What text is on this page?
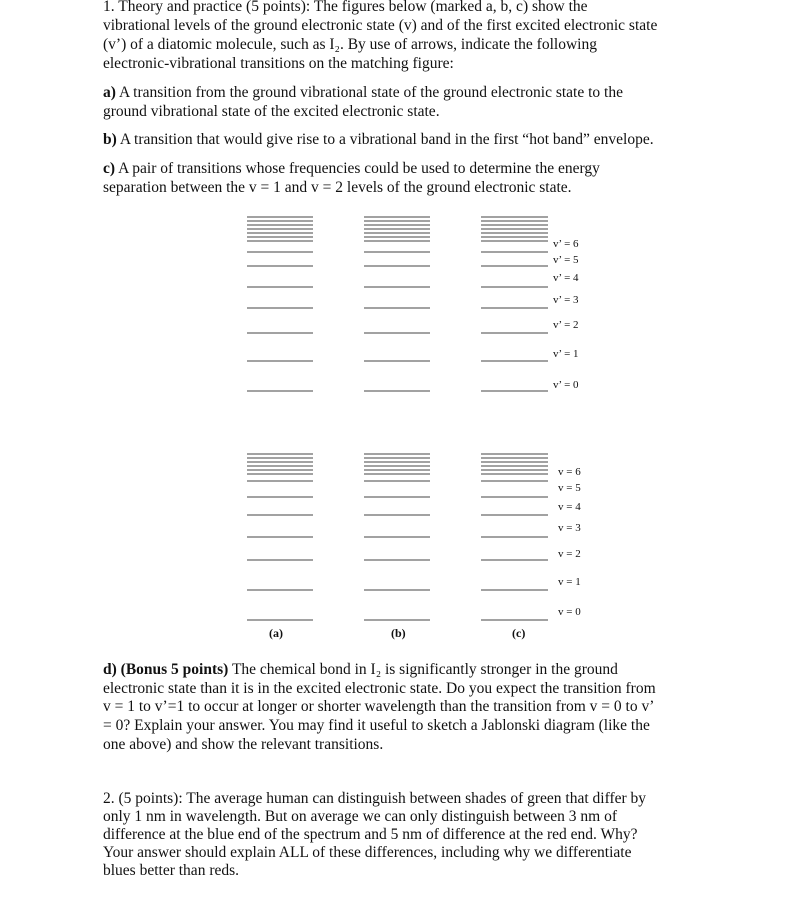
1. Theory and practice (5 points): The figures below (marked a, b, c) show the

vibrational levels of the ground electronic state (v) and of the first excited electronic state

(v’) of a diatomic molecule, such as I₂. By use of arrows, indicate the following

electronic-vibrational transitions on the matching figure:

a) A transition from the ground vibrational state of the ground electronic state to the

ground vibrational state of the excited electronic state.

b) A transition that would give rise to a vibrational band in the first “hot band” envelope.

c) A pair of transitions whose frequencies could be used to determine the energy

separation between the v = 1 and v = 2 levels of the ground electronic state.

v’ = 6
v’ = 5
v’ = 4
v’ = 3
v’ = 2
v’ = 1
v’ = 0
v = 6
v = 5
v = 4
v = 3
v = 2
v = 1
v = 0
(a)	(b)	(c)

d) (Bonus 5 points) The chemical bond in I₂ is significantly stronger in the ground

electronic state than it is in the excited electronic state. Do you expect the transition from

v = 1 to v’=1 to occur at longer or shorter wavelength than the transition from v = 0 to v’

= 0? Explain your answer. You may find it useful to sketch a Jablonski diagram (like the

one above) and show the relevant transitions.

2. (5 points): The average human can distinguish between shades of green that differ by

only 1 nm in wavelength. But on average we can only distinguish between 3 nm of

difference at the blue end of the spectrum and 5 nm of difference at the red end. Why?

Your answer should explain ALL of these differences, including why we differentiate

blues better than reds.
